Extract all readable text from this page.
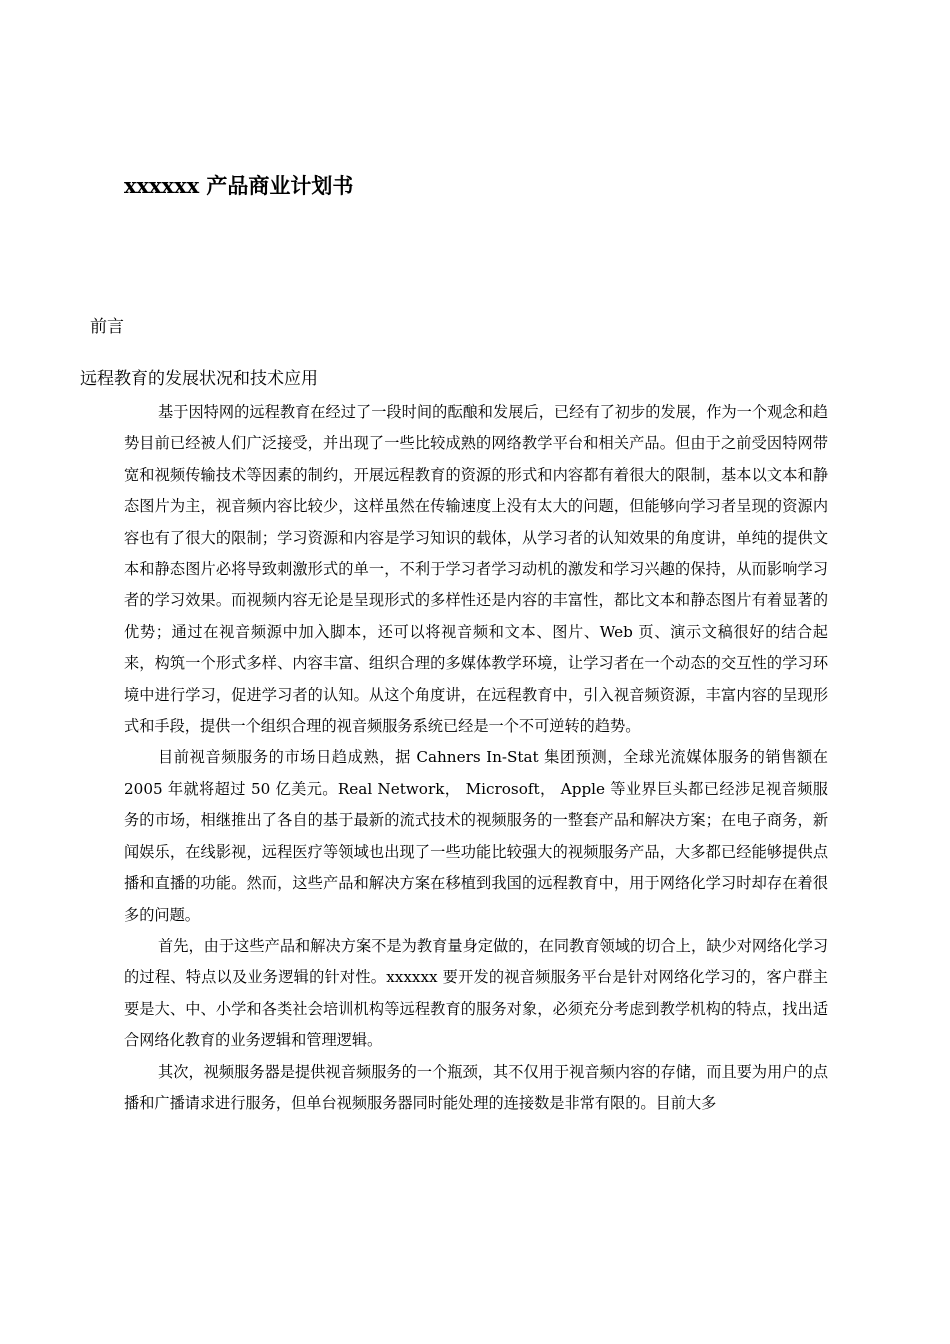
xxxxxx 产品商业计划书
前言
远程教育的发展状况和技术应用

基于因特网的远程教育在经过了一段时间的酝酿和发展后，已经有了初步的发展，作为一个观念和趋势目前已经被人们广泛接受，并出现了一些比较成熟的网络教学平台和相关产品。但由于之前受因特网带宽和视频传输技术等因素的制约，开展远程教育的资源的形式和内容都有着很大的限制，基本以文本和静态图片为主，视音频内容比较少，这样虽然在传输速度上没有太大的问题，但能够向学习者呈现的资源内容也有了很大的限制；学习资源和内容是学习知识的载体，从学习者的认知效果的角度讲，单纯的提供文本和静态图片必将导致刺激形式的单一，不利于学习者学习动机的激发和学习兴趣的保持，从而影响学习者的学习效果。而视频内容无论是呈现形式的多样性还是内容的丰富性，都比文本和静态图片有着显著的优势；通过在视音频源中加入脚本，还可以将视音频和文本、图片、Web 页、演示文稿很好的结合起来，构筑一个形式多样、内容丰富、组织合理的多媒体教学环境，让学习者在一个动态的交互性的学习环境中进行学习，促进学习者的认知。从这个角度讲，在远程教育中，引入视音频资源，丰富内容的呈现形式和手段，提供一个组织合理的视音频服务系统已经是一个不可逆转的趋势。

目前视音频服务的市场日趋成熟，据 Cahners In-Stat 集团预测，全球光流媒体服务的销售额在 2005 年就将超过 50 亿美元。Real Network， Microsoft， Apple 等业界巨头都已经涉足视音频服务的市场，相继推出了各自的基于最新的流式技术的视频服务的一整套产品和解决方案；在电子商务，新闻娱乐，在线影视，远程医疗等领域也出现了一些功能比较强大的视频服务产品，大多都已经能够提供点播和直播的功能。然而，这些产品和解决方案在移植到我国的远程教育中，用于网络化学习时却存在着很多的问题。

首先，由于这些产品和解决方案不是为教育量身定做的，在同教育领域的切合上，缺少对网络化学习的过程、特点以及业务逻辑的针对性。xxxxxx 要开发的视音频服务平台是针对网络化学习的，客户群主要是大、中、小学和各类社会培训机构等远程教育的服务对象，必须充分考虑到教学机构的特点，找出适合网络化教育的业务逻辑和管理逻辑。

其次，视频服务器是提供视音频服务的一个瓶颈，其不仅用于视音频内容的存储，而且要为用户的点播和广播请求进行服务，但单台视频服务器同时能处理的连接数是非常有限的。目前大多
